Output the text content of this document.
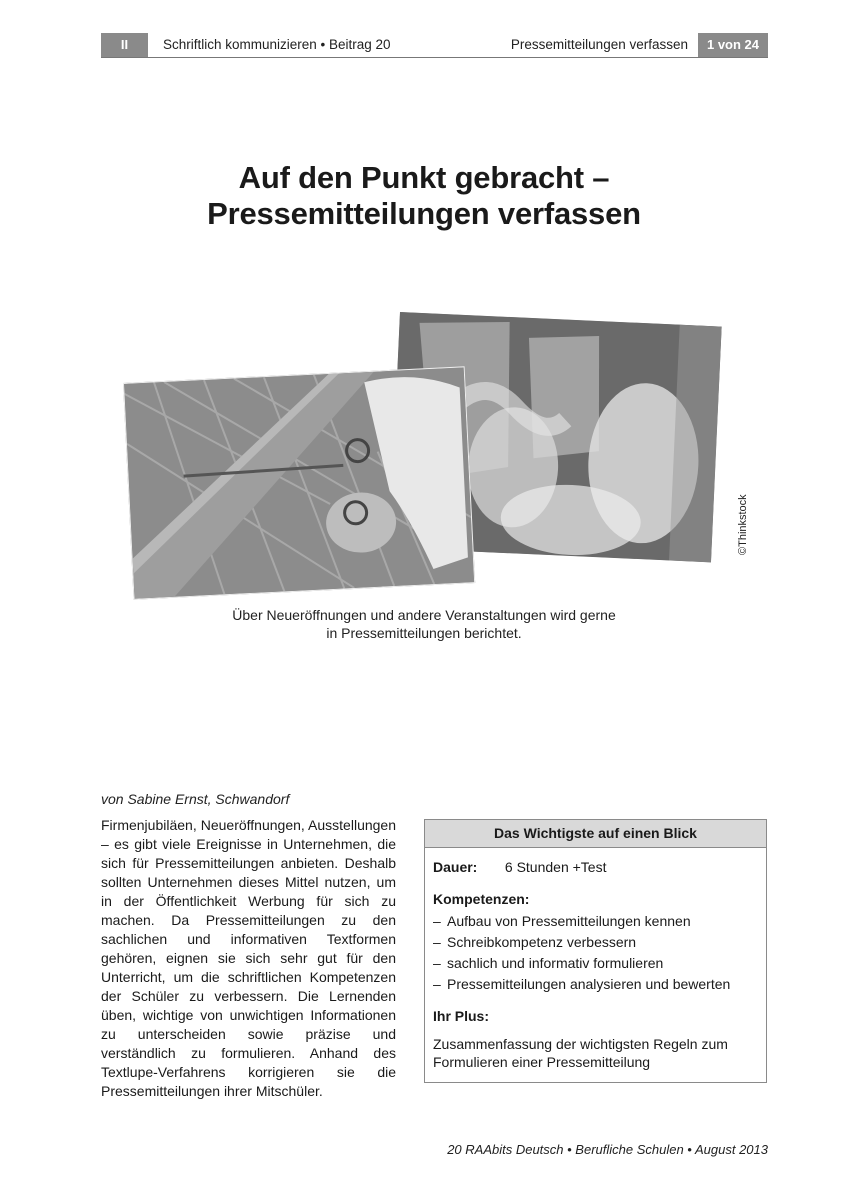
II	Schriftlich kommunizieren • Beitrag 20	Pressemitteilungen verfassen	1 von 24
Auf den Punkt gebracht –
Pressemitteilungen verfassen
©Thinkstock
Über Neueröffnungen und andere Veranstaltungen wird gerne
in Pressemitteilungen berichtet.
von Sabine Ernst, Schwandorf
Firmenjubiläen, Neueröffnungen, Ausstellungen – es gibt viele Ereignisse in Unternehmen, die sich für Pressemitteilungen anbieten. Deshalb sollten Unternehmen dieses Mittel nutzen, um in der Öffentlichkeit Werbung für sich zu machen. Da Pressemitteilungen zu den sachlichen und informativen Textformen gehören, eignen sie sich sehr gut für den Unterricht, um die schriftlichen Kompetenzen der Schüler zu verbessern. Die Lernenden üben, wichtige von unwichtigen Informationen zu unterscheiden sowie präzise und verständlich zu formulieren. Anhand des Textlupe-Verfahrens korrigieren sie die Pressemitteilungen ihrer Mitschüler.
Das Wichtigste auf einen Blick
Dauer: 6 Stunden +Test
Kompetenzen:
– Aufbau von Pressemitteilungen kennen
– Schreibkompetenz verbessern
– sachlich und informativ formulieren
– Pressemitteilungen analysieren und bewerten
Ihr Plus:
Zusammenfassung der wichtigsten Regeln zum Formulieren einer Pressemitteilung
20 RAAbits Deutsch • Berufliche Schulen • August 2013
